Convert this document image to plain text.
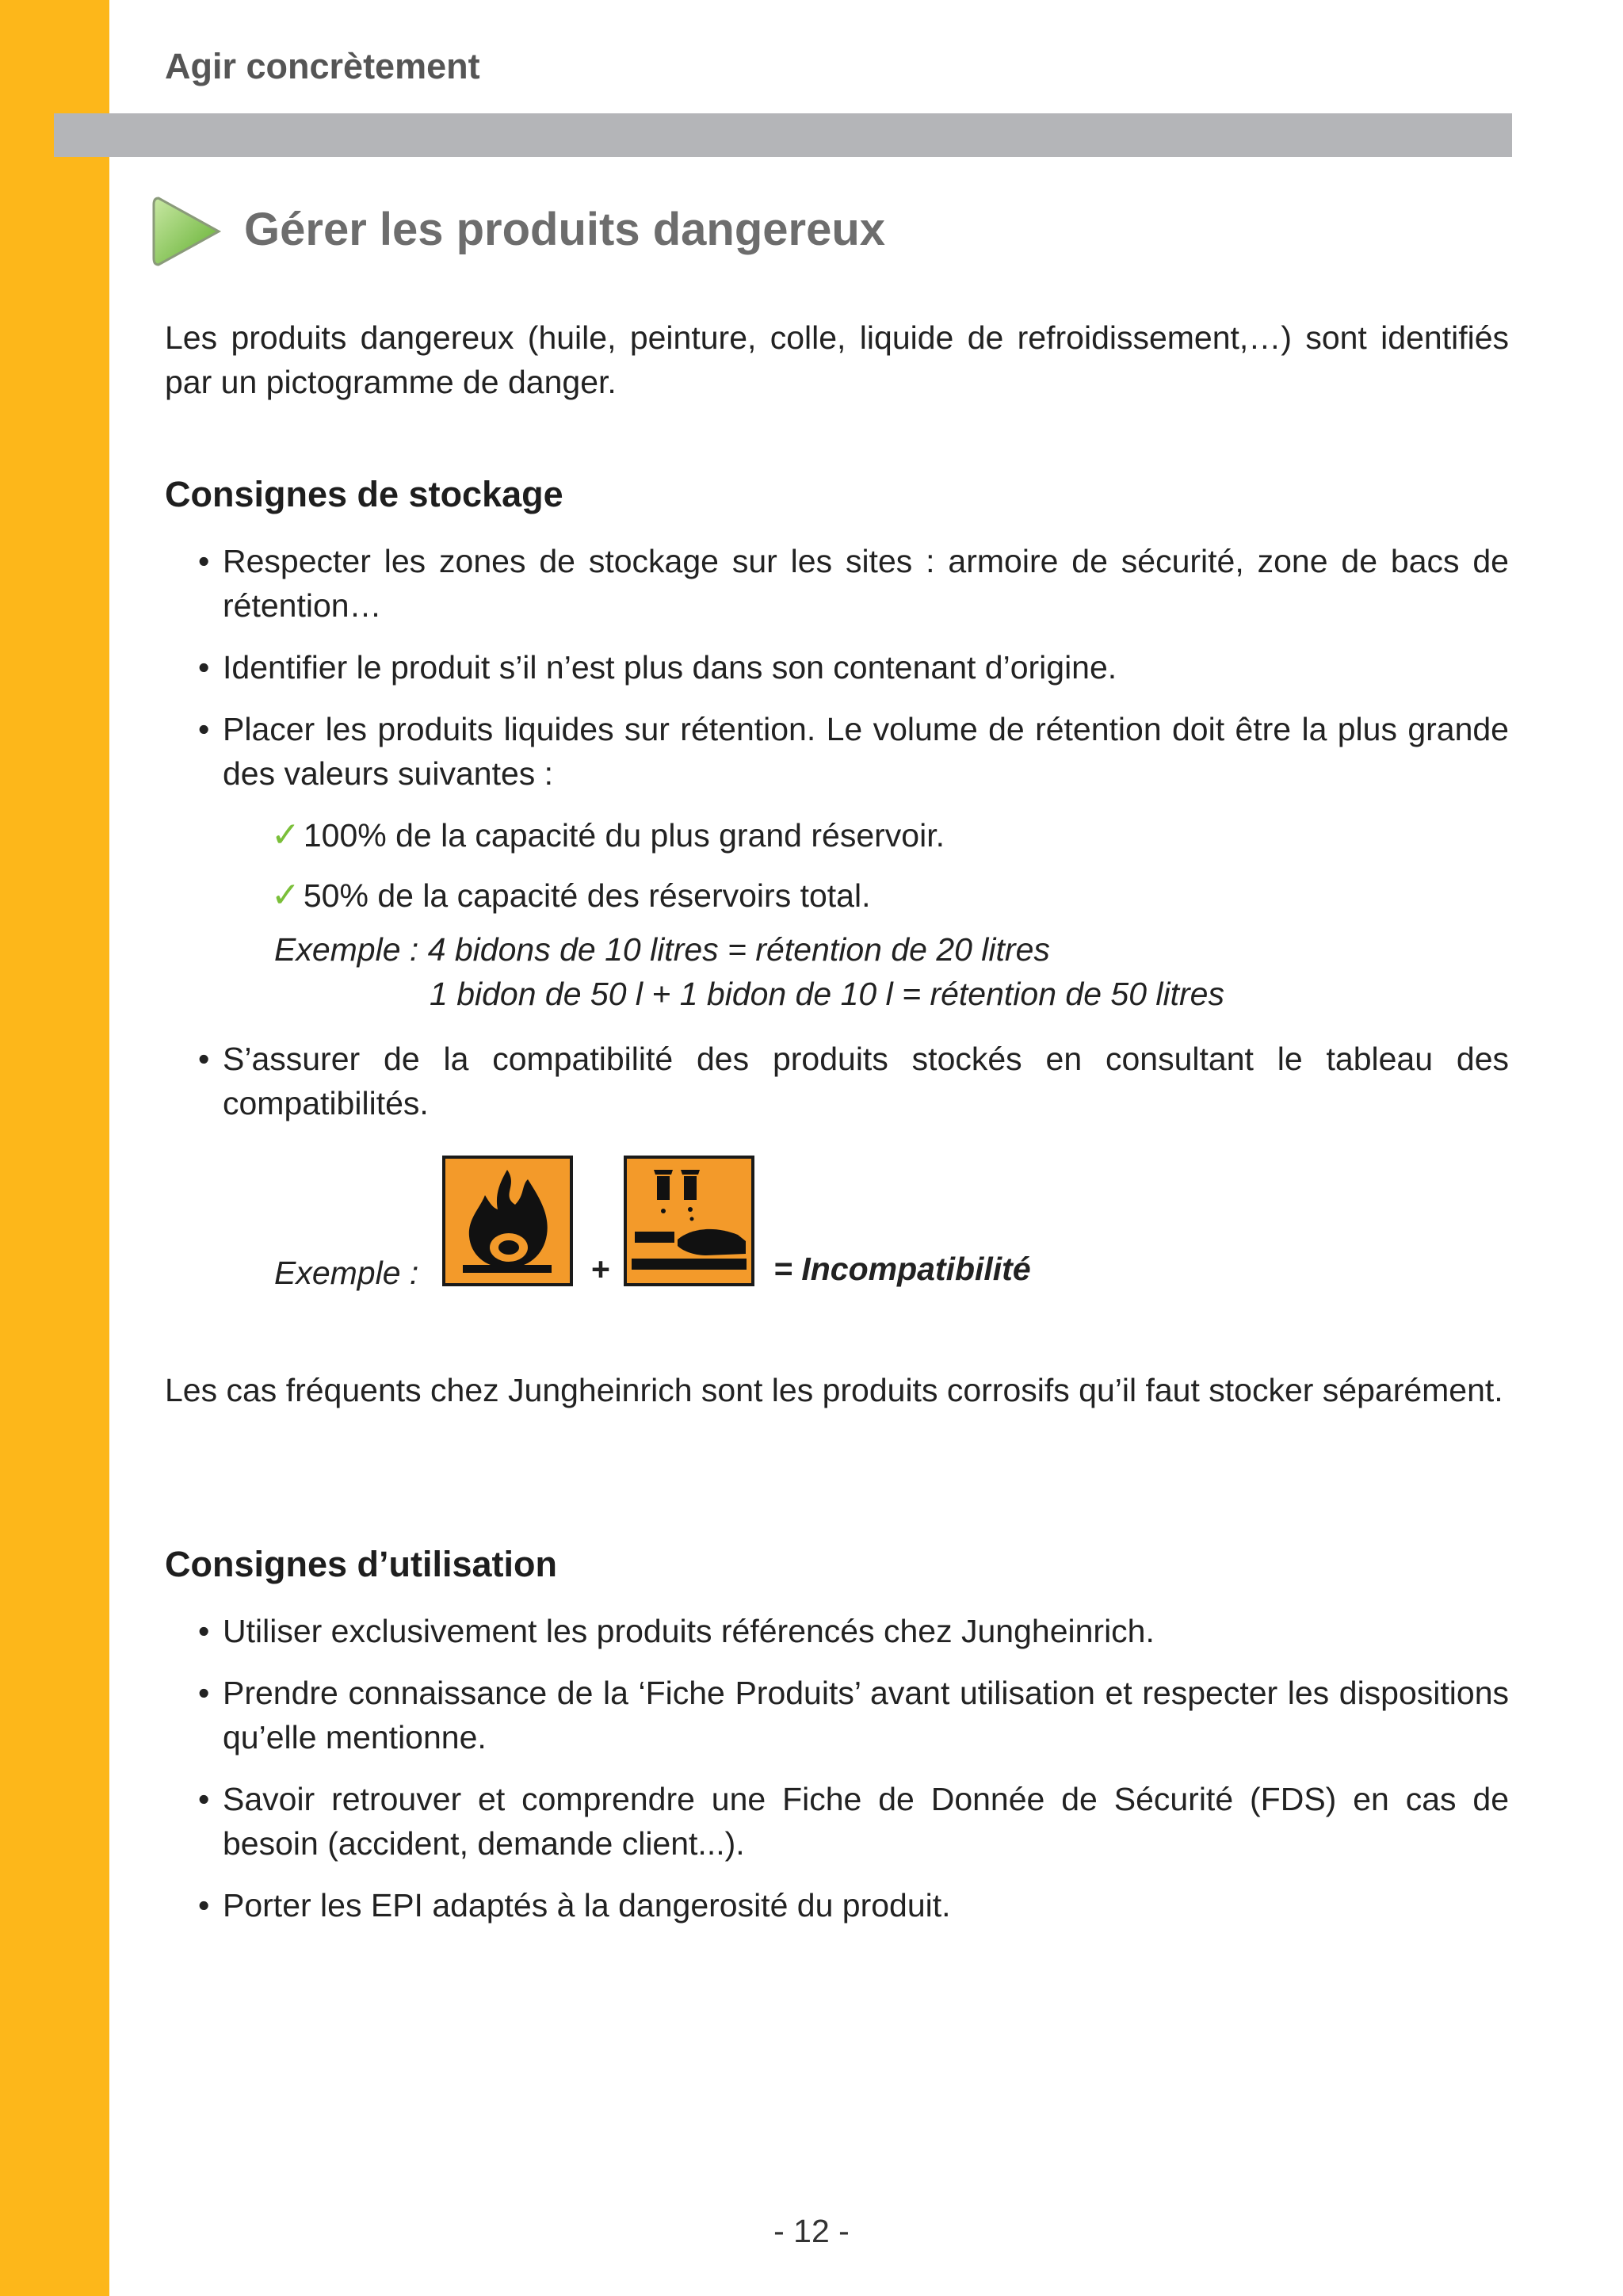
Agir concrètement
Gérer les produits dangereux

Les produits dangereux (huile, peinture, colle, liquide de refroidissement,…) sont identifiés par un pictogramme de danger.

Consignes de stockage
• Respecter les zones de stockage sur les sites : armoire de sécurité, zone de bacs de rétention…
• Identifier le produit s’il n’est plus dans son contenant d’origine.
• Placer les produits liquides sur rétention. Le volume de rétention doit être la plus grande des valeurs suivantes :
✓100% de la capacité du plus grand réservoir.
✓50% de la capacité des réservoirs total.
Exemple : 4 bidons de 10 litres = rétention de 20 litres
1 bidon de 50 l + 1 bidon de 10 l = rétention de 50 litres
• S’assurer de la compatibilité des produits stockés en consultant le tableau des compatibilités.
Exemple :	+	= Incompatibilité

Les cas fréquents chez Jungheinrich sont les produits corrosifs qu’il faut stocker séparément.

Consignes d’utilisation
• Utiliser exclusivement les produits référencés chez Jungheinrich.
• Prendre connaissance de la ‘Fiche Produits’ avant utilisation et respecter les dispositions qu’elle mentionne.
• Savoir retrouver et comprendre une Fiche de Donnée de Sécurité (FDS) en cas de besoin (accident, demande client...).
• Porter les EPI adaptés à la dangerosité du produit.
- 12 -
